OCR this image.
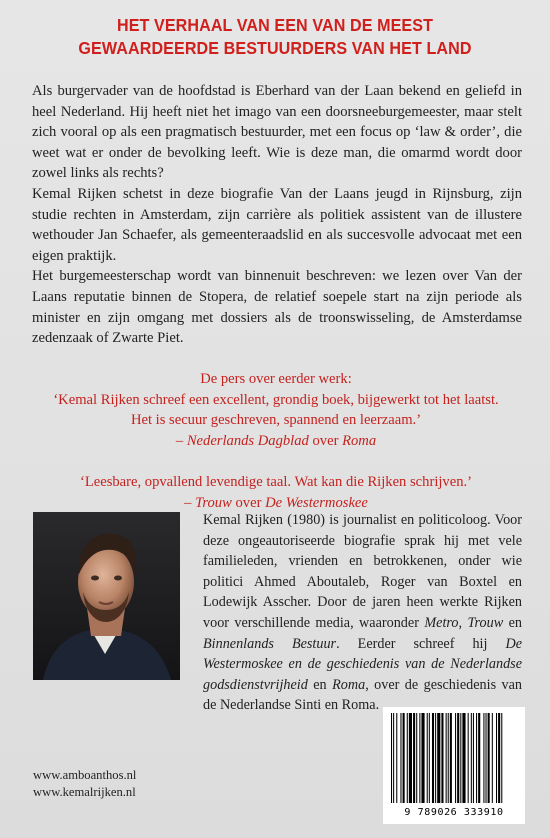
HET VERHAAL VAN EEN VAN DE MEEST
GEWAARDEERDE BESTUURDERS VAN HET LAND

Als burgervader van de hoofdstad is Eberhard van der Laan bekend en geliefd in heel Nederland. Hij heeft niet het imago van een doorsneeburgemeester, maar stelt zich vooral op als een pragmatisch bestuurder, met een focus op ‘law & order’, die weet wat er onder de bevolking leeft. Wie is deze man, die omarmd wordt door zowel links als rechts?

Kemal Rijken schetst in deze biografie Van der Laans jeugd in Rijnsburg, zijn studie rechten in Amsterdam, zijn carrière als politiek assistent van de illustere wethouder Jan Schaefer, als gemeenteraadslid en als succesvolle advocaat met een eigen praktijk.

Het burgemeesterschap wordt van binnenuit beschreven: we lezen over Van der Laans reputatie binnen de Stopera, de relatief soepele start na zijn periode als minister en zijn omgang met dossiers als de troonswisseling, de Amsterdamse zedenzaak of Zwarte Piet.

De pers over eerder werk:

‘Kemal Rijken schreef een excellent, grondig boek, bijgewerkt tot het laatst.

Het is secuur geschreven, spannend en leerzaam.’

– Nederlands Dagblad over Roma

‘Leesbare, opvallend levendige taal. Wat kan die Rijken schrijven.’

– Trouw over De Westermoskee

Kemal Rijken (1980) is journalist en politicoloog. Voor deze ongeautoriseerde biografie sprak hij met vele familieleden, vrienden en betrokkenen, onder wie politici Ahmed Aboutaleb, Roger van Boxtel en Lodewijk Asscher. Door de jaren heen werkte Rijken voor verschillende media, waaronder Metro, Trouw en Binnenlands Bestuur. Eerder schreef hij De Westermoskee en de geschiedenis van de Nederlandse godsdienstvrijheid en Roma, over de geschiedenis van de Nederlandse Sinti en Roma.

www.amboanthos.nl
www.kemalrijken.nl
9 789026 333910
